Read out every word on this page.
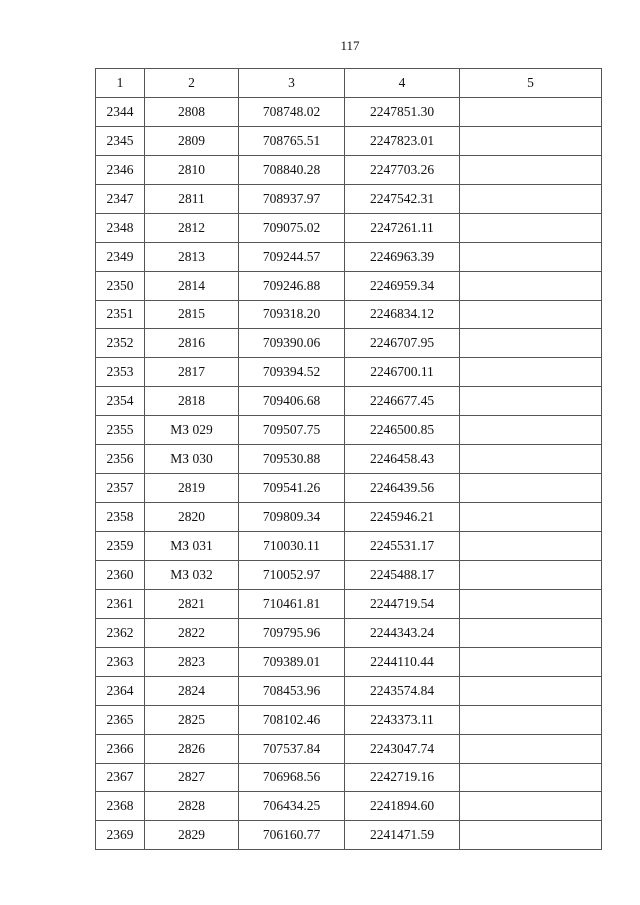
117
1	2	3	4	5
2344	2808	708748.02	2247851.30	
2345	2809	708765.51	2247823.01	
2346	2810	708840.28	2247703.26	
2347	2811	708937.97	2247542.31	
2348	2812	709075.02	2247261.11	
2349	2813	709244.57	2246963.39	
2350	2814	709246.88	2246959.34	
2351	2815	709318.20	2246834.12	
2352	2816	709390.06	2246707.95	
2353	2817	709394.52	2246700.11	
2354	2818	709406.68	2246677.45	
2355	МЗ 029	709507.75	2246500.85	
2356	МЗ 030	709530.88	2246458.43	
2357	2819	709541.26	2246439.56	
2358	2820	709809.34	2245946.21	
2359	МЗ 031	710030.11	2245531.17	
2360	МЗ 032	710052.97	2245488.17	
2361	2821	710461.81	2244719.54	
2362	2822	709795.96	2244343.24	
2363	2823	709389.01	2244110.44	
2364	2824	708453.96	2243574.84	
2365	2825	708102.46	2243373.11	
2366	2826	707537.84	2243047.74	
2367	2827	706968.56	2242719.16	
2368	2828	706434.25	2241894.60	
2369	2829	706160.77	2241471.59	
